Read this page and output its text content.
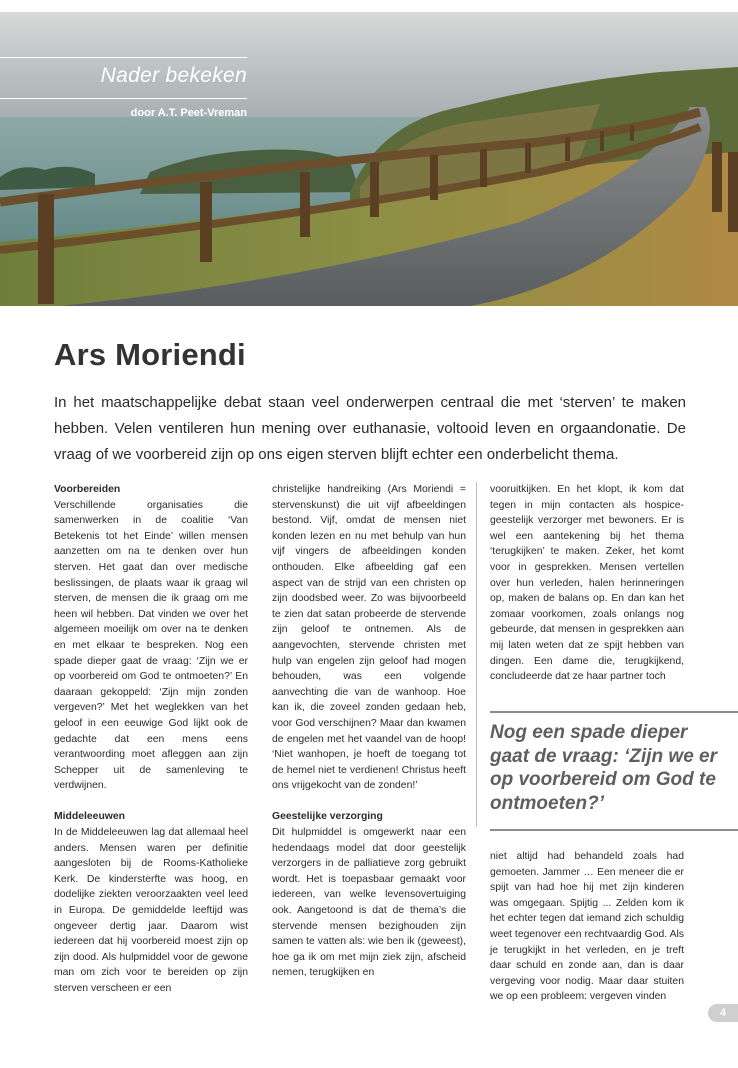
Nader bekeken
door A.T. Peet-Vreman
Ars Moriendi

In het maatschappelijke debat staan veel onderwerpen centraal die met ‘sterven’ te maken hebben. Velen ventileren hun mening over euthanasie, voltooid leven en orgaandonatie. De vraag of we voorbereid zijn op ons eigen sterven blijft echter een onderbelicht thema.

Voorbereiden

Verschillende organisaties die samenwerken in de coalitie ‘Van Betekenis tot het Einde’ willen mensen aanzetten om na te denken over hun sterven. Het gaat dan over medische beslissingen, de plaats waar ik graag wil sterven, de mensen die ik graag om me heen wil hebben. Dat vinden we over het algemeen moeilijk om over na te denken en met elkaar te bespreken. Nog een spade dieper gaat de vraag: ‘Zijn we er op voorbereid om God te ontmoeten?’ En daaraan gekoppeld: ‘Zijn mijn zonden vergeven?’ Met het weglekken van het geloof in een eeuwige God lijkt ook de gedachte dat een mens eens verantwoording moet afleggen aan zijn Schepper uit de samenleving te verdwijnen.

Middeleeuwen

In de Middeleeuwen lag dat allemaal heel anders. Mensen waren per definitie aangesloten bij de Rooms-Katholieke Kerk. De kindersterfte was hoog, en dodelijke ziekten veroorzaakten veel leed in Europa. De gemiddelde leeftijd was ongeveer dertig jaar. Daarom wist iedereen dat hij voorbereid moest zijn op zijn dood. Als hulpmiddel voor de gewone man om zich voor te bereiden op zijn sterven verscheen er een

christelijke handreiking (Ars Moriendi = stervenskunst) die uit vijf afbeeldingen bestond. Vijf, omdat de mensen niet konden lezen en nu met behulp van hun vijf vingers de afbeeldingen konden onthouden. Elke afbeelding gaf een aspect van de strijd van een christen op zijn doodsbed weer. Zo was bijvoorbeeld te zien dat satan probeerde de stervende zijn geloof te ontnemen. Als de aangevochten, stervende christen met hulp van engelen zijn geloof had mogen behouden, was een volgende aanvechting die van de wanhoop. Hoe kan ik, die zoveel zonden gedaan heb, voor God verschijnen? Maar dan kwamen de engelen met het vaandel van de hoop! ‘Niet wanhopen, je hoeft de toegang tot de hemel niet te verdienen! Christus heeft ons vrijgekocht van de zonden!’

Geestelijke verzorging

Dit hulpmiddel is omgewerkt naar een hedendaags model dat door geestelijk verzorgers in de palliatieve zorg gebruikt wordt. Het is toepasbaar gemaakt voor iedereen, van welke levensovertuiging ook. Aangetoond is dat de thema’s die stervende mensen bezighouden zijn samen te vatten als: wie ben ik (geweest), hoe ga ik om met mijn ziek zijn, afscheid nemen, terugkijken en

vooruitkijken. En het klopt, ik kom dat tegen in mijn contacten als hospice-geestelijk verzorger met bewoners. Er is wel een aantekening bij het thema ‘terugkijken’ te maken. Zeker, het komt voor in gesprekken. Mensen vertellen over hun verleden, halen herinneringen op, maken de balans op. En dan kan het zomaar voorkomen, zoals onlangs nog gebeurde, dat mensen in gesprekken aan mij laten weten dat ze spijt hebben van dingen. Een dame die, terugkijkend, concludeerde dat ze haar partner toch

Nog een spade dieper gaat de vraag: ‘Zijn we er op voorbereid om God te ontmoeten?’

niet altijd had behandeld zoals had gemoeten. Jammer … Een meneer die er spijt van had hoe hij met zijn kinderen was omgegaan. Spijtig ... Zelden kom ik het echter tegen dat iemand zich schuldig weet tegenover een rechtvaardig God. Als je terugkijkt in het verleden, en je treft daar schuld en zonde aan, dan is daar vergeving voor nodig. Maar daar stuiten we op een probleem: vergeven vinden

4
